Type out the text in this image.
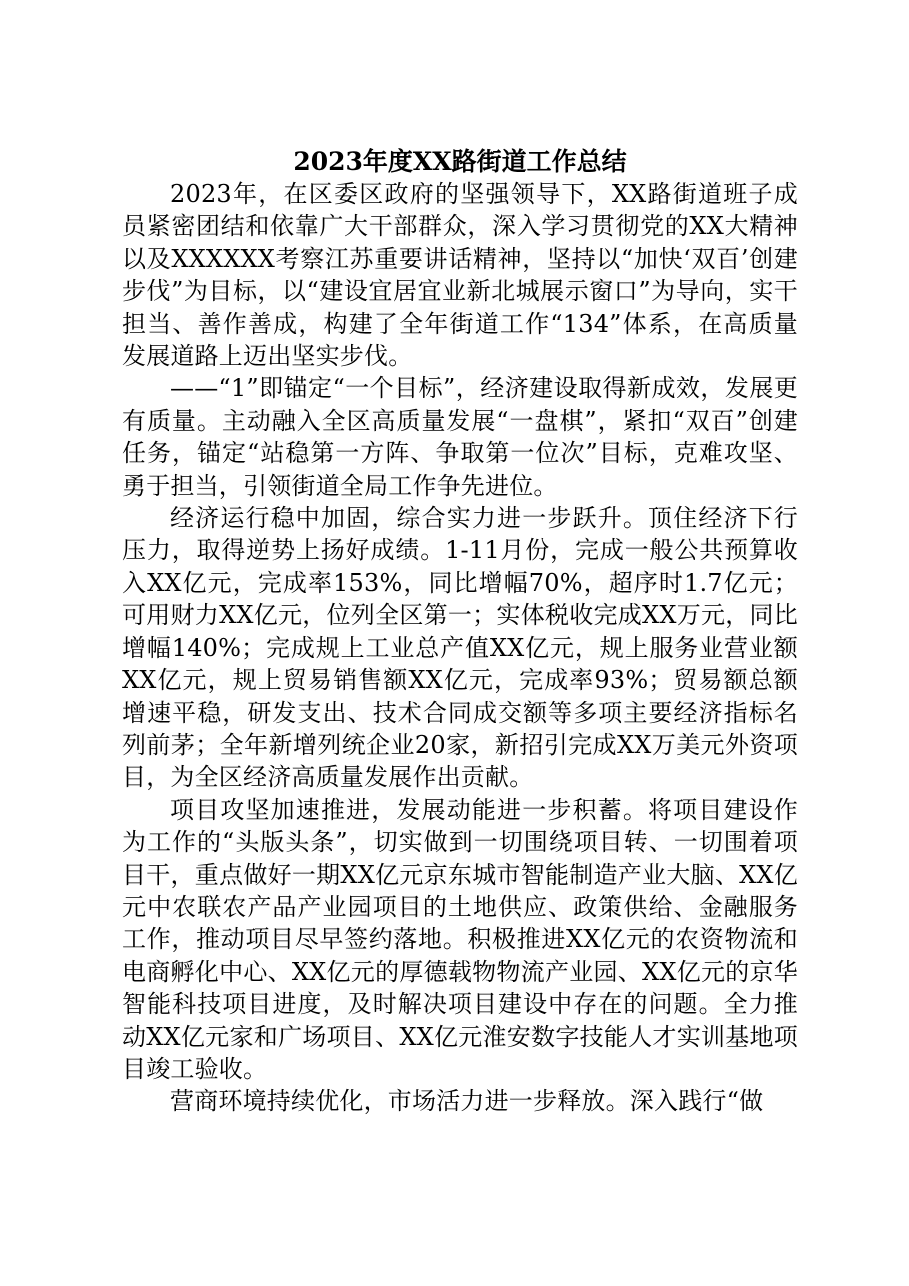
2023年度XX路街道工作总结

2023年，在区委区政府的坚强领导下，XX路街道班子成员紧密团结和依靠广大干部群众，深入学习贯彻党的XX大精神以及XXXXXX考察江苏重要讲话精神，坚持以“加快‘双百’创建步伐”为目标，以“建设宜居宜业新北城展示窗口”为导向，实干担当、善作善成，构建了全年街道工作“134”体系，在高质量发展道路上迈出坚实步伐。

——“1”即锚定“一个目标”，经济建设取得新成效，发展更有质量。主动融入全区高质量发展“一盘棋”，紧扣“双百”创建任务，锚定“站稳第一方阵、争取第一位次”目标，克难攻坚、勇于担当，引领街道全局工作争先进位。

经济运行稳中加固，综合实力进一步跃升。顶住经济下行压力，取得逆势上扬好成绩。1-11月份，完成一般公共预算收入XX亿元，完成率153%，同比增幅70%，超序时1.7亿元；可用财力XX亿元，位列全区第一；实体税收完成XX万元，同比增幅140%；完成规上工业总产值XX亿元，规上服务业营业额XX亿元，规上贸易销售额XX亿元，完成率93%；贸易额总额增速平稳，研发支出、技术合同成交额等多项主要经济指标名列前茅；全年新增列统企业20家，新招引完成XX万美元外资项目，为全区经济高质量发展作出贡献。

项目攻坚加速推进，发展动能进一步积蓄。将项目建设作为工作的“头版头条”，切实做到一切围绕项目转、一切围着项目干，重点做好一期XX亿元京东城市智能制造产业大脑、XX亿元中农联农产品产业园项目的土地供应、政策供给、金融服务工作，推动项目尽早签约落地。积极推进XX亿元的农资物流和电商孵化中心、XX亿元的厚德载物物流产业园、XX亿元的京华智能科技项目进度，及时解决项目建设中存在的问题。全力推动XX亿元家和广场项目、XX亿元淮安数字技能人才实训基地项目竣工验收。

营商环境持续优化，市场活力进一步释放。深入践行“做
